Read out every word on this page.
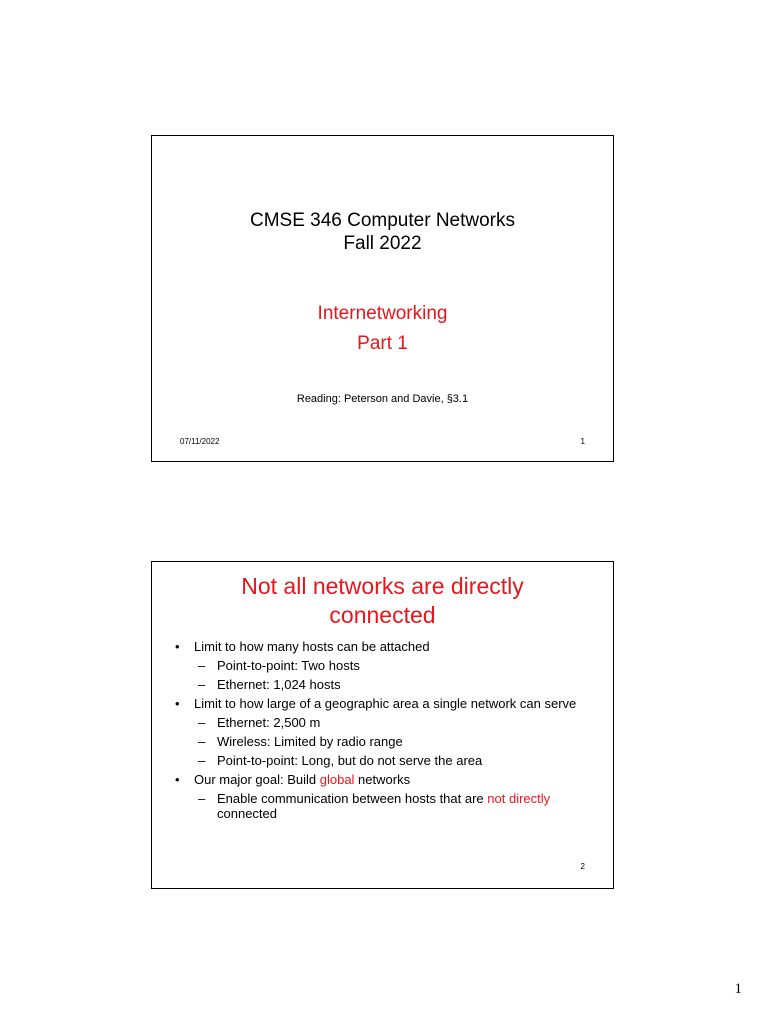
CMSE 346 Computer Networks
Fall 2022
Internetworking
Part 1
Reading: Peterson and Davie, §3.1
07/11/2022	1
Not all networks are directly
connected
• Limit to how many hosts can be attached
– Point-to-point: Two hosts
– Ethernet: 1,024 hosts
• Limit to how large of a geographic area a single network can serve
– Ethernet: 2,500 m
– Wireless: Limited by radio range
– Point-to-point: Long, but do not serve the area
• Our major goal: Build global networks
– Enable communication between hosts that are not directly connected
2
1
